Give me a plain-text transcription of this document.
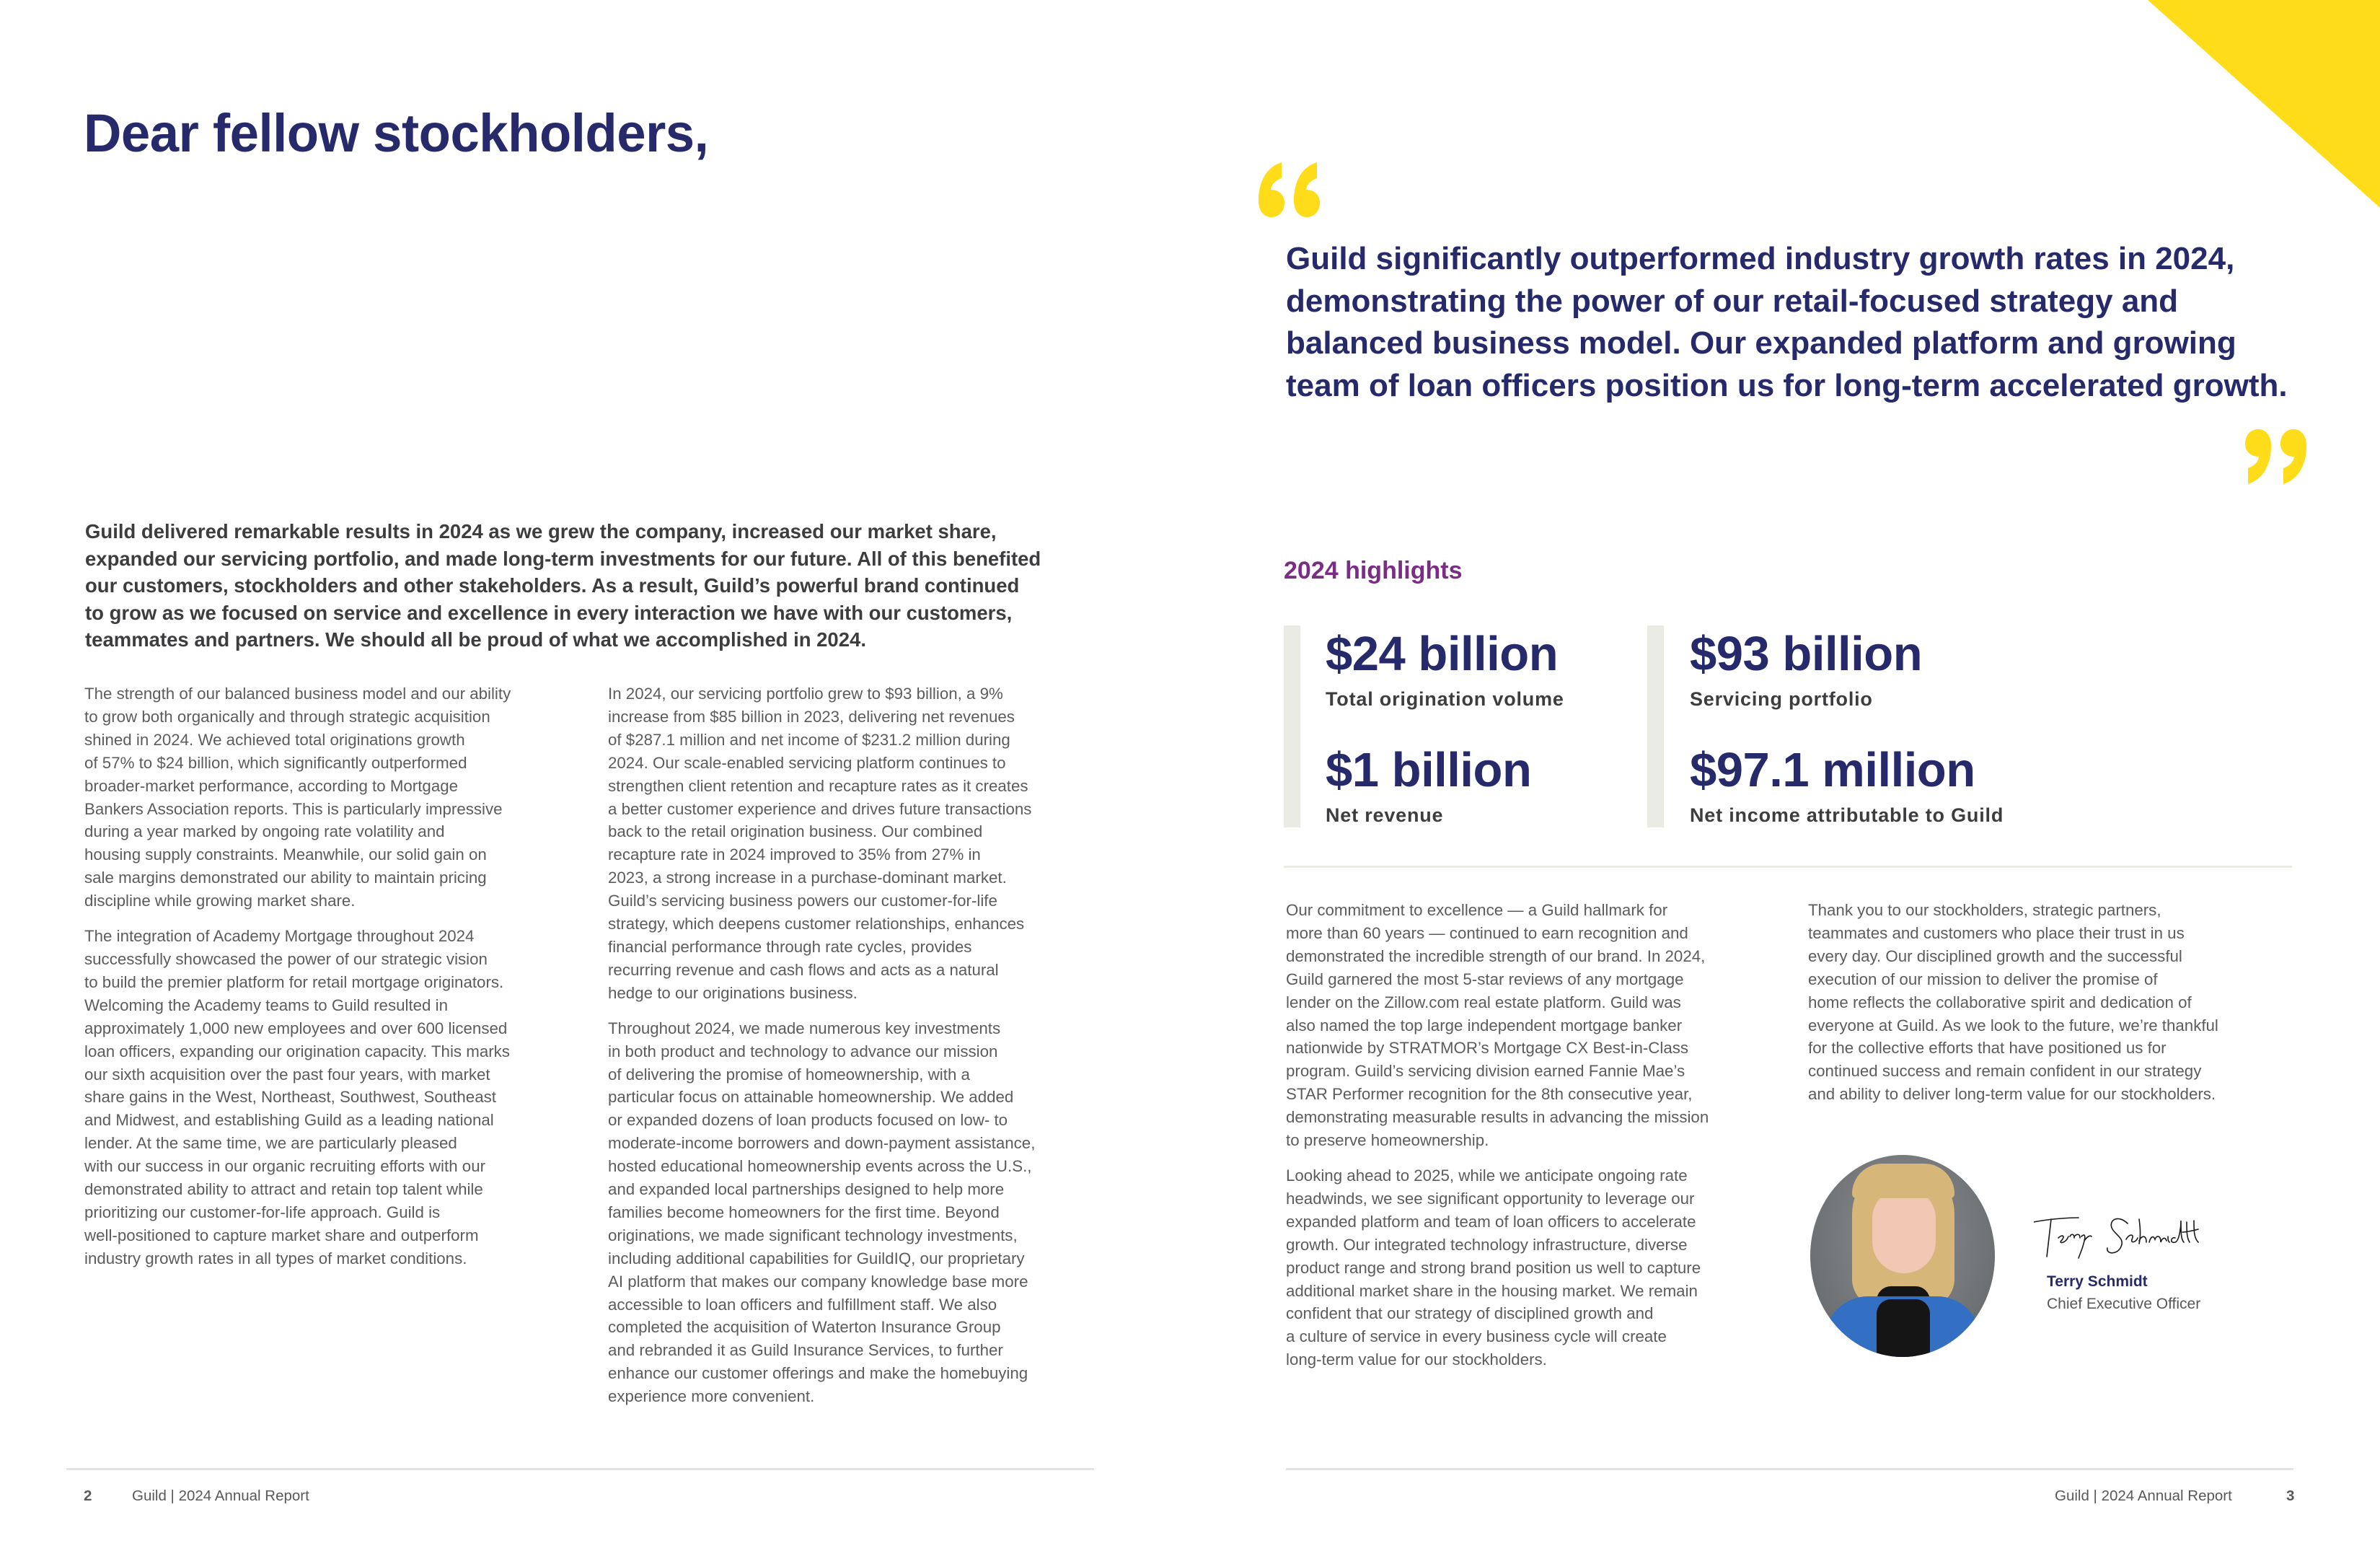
Dear fellow stockholders,
Guild delivered remarkable results in 2024 as we grew the company, increased our market share,
expanded our servicing portfolio, and made long-term investments for our future. All of this benefited
our customers, stockholders and other stakeholders. As a result, Guild’s powerful brand continued
to grow as we focused on service and excellence in every interaction we have with our customers,
teammates and partners. We should all be proud of what we accomplished in 2024.

The strength of our balanced business model and our ability
to grow both organically and through strategic acquisition
shined in 2024. We achieved total originations growth
of 57% to $24 billion, which significantly outperformed
broader-market performance, according to Mortgage
Bankers Association reports. This is particularly impressive
during a year marked by ongoing rate volatility and
housing supply constraints. Meanwhile, our solid gain on
sale margins demonstrated our ability to maintain pricing
discipline while growing market share.

The integration of Academy Mortgage throughout 2024
successfully showcased the power of our strategic vision
to build the premier platform for retail mortgage originators.
Welcoming the Academy teams to Guild resulted in
approximately 1,000 new employees and over 600 licensed
loan officers, expanding our origination capacity. This marks
our sixth acquisition over the past four years, with market
share gains in the West, Northeast, Southwest, Southeast
and Midwest, and establishing Guild as a leading national
lender. At the same time, we are particularly pleased
with our success in our organic recruiting efforts with our
demonstrated ability to attract and retain top talent while
prioritizing our customer-for-life approach. Guild is
well-positioned to capture market share and outperform
industry growth rates in all types of market conditions.

In 2024, our servicing portfolio grew to $93 billion, a 9%
increase from $85 billion in 2023, delivering net revenues
of $287.1 million and net income of $231.2 million during
2024. Our scale-enabled servicing platform continues to
strengthen client retention and recapture rates as it creates
a better customer experience and drives future transactions
back to the retail origination business. Our combined
recapture rate in 2024 improved to 35% from 27% in
2023, a strong increase in a purchase-dominant market.
Guild’s servicing business powers our customer-for-life
strategy, which deepens customer relationships, enhances
financial performance through rate cycles, provides
recurring revenue and cash flows and acts as a natural
hedge to our originations business.

Throughout 2024, we made numerous key investments
in both product and technology to advance our mission
of delivering the promise of homeownership, with a
particular focus on attainable homeownership. We added
or expanded dozens of loan products focused on low- to
moderate-income borrowers and down-payment assistance,
hosted educational homeownership events across the U.S.,
and expanded local partnerships designed to help more
families become homeowners for the first time. Beyond
originations, we made significant technology investments,
including additional capabilities for GuildIQ, our proprietary
AI platform that makes our company knowledge base more
accessible to loan officers and fulfillment staff. We also
completed the acquisition of Waterton Insurance Group
and rebranded it as Guild Insurance Services, to further
enhance our customer offerings and make the homebuying
experience more convenient.

2	Guild | 2024 Annual Report
Guild significantly outperformed industry growth rates in 2024,
demonstrating the power of our retail-focused strategy and
balanced business model. Our expanded platform and growing
team of loan officers position us for long-term accelerated growth.
2024 highlights
$24 billion
Total origination volume
$93 billion
Servicing portfolio
$1 billion
Net revenue
$97.1 million
Net income attributable to Guild

Our commitment to excellence — a Guild hallmark for
more than 60 years — continued to earn recognition and
demonstrated the incredible strength of our brand. In 2024,
Guild garnered the most 5-star reviews of any mortgage
lender on the Zillow.com real estate platform. Guild was
also named the top large independent mortgage banker
nationwide by STRATMOR’s Mortgage CX Best-in-Class
program. Guild’s servicing division earned Fannie Mae’s
STAR Performer recognition for the 8th consecutive year,
demonstrating measurable results in advancing the mission
to preserve homeownership.

Looking ahead to 2025, while we anticipate ongoing rate
headwinds, we see significant opportunity to leverage our
expanded platform and team of loan officers to accelerate
growth. Our integrated technology infrastructure, diverse
product range and strong brand position us well to capture
additional market share in the housing market. We remain
confident that our strategy of disciplined growth and
a culture of service in every business cycle will create
long-term value for our stockholders.

Thank you to our stockholders, strategic partners,
teammates and customers who place their trust in us
every day. Our disciplined growth and the successful
execution of our mission to deliver the promise of
home reflects the collaborative spirit and dedication of
everyone at Guild. As we look to the future, we’re thankful
for the collective efforts that have positioned us for
continued success and remain confident in our strategy
and ability to deliver long-term value for our stockholders.

Terry Schmidt
Chief Executive Officer
Guild | 2024 Annual Report	3
